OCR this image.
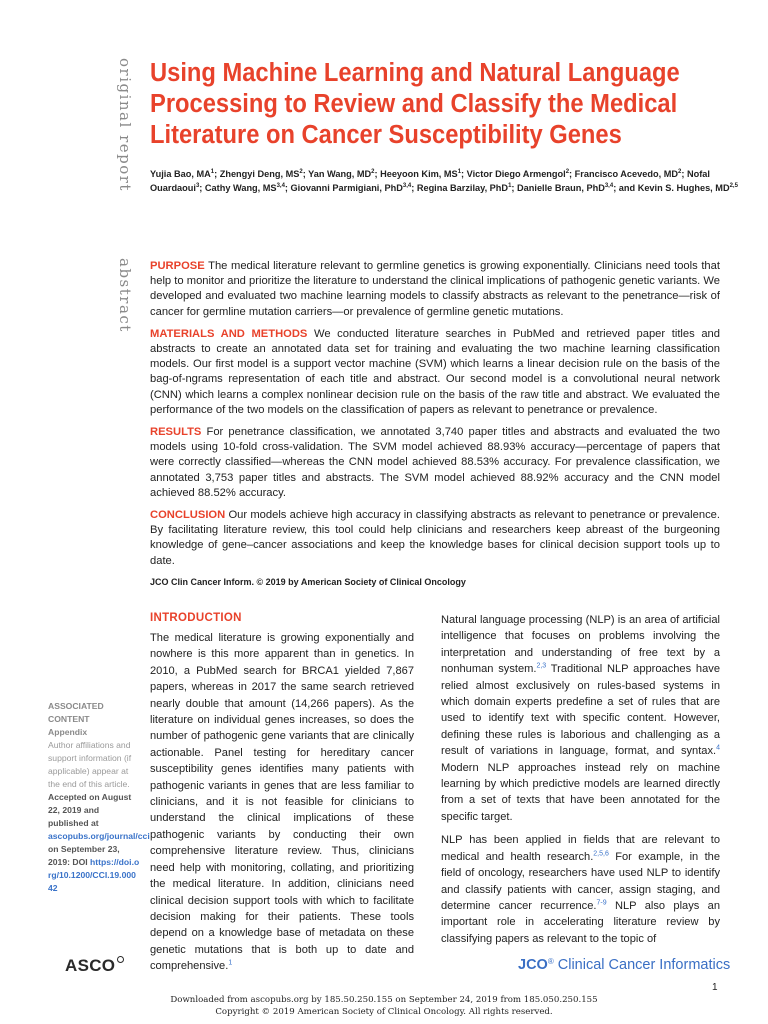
original report
abstract
Using Machine Learning and Natural Language Processing to Review and Classify the Medical Literature on Cancer Susceptibility Genes
Yujia Bao, $MA^1$; Zhengyi Deng, $MS^2$; Yan Wang, $MD^2$; Heeyoon Kim, $MS^1$; Victor Diego Armengol$^2$; Francisco Acevedo, $MD^2$; Nofal Ouardaoui$^3$; Cathy Wang, MS$^{3,4}$; Giovanni Parmigiani, PhD$^{3,4}$; Regina Barzilay, PhD$^1$; Danielle Braun, PhD$^{3,4}$; and Kevin S. Hughes, MD$^{2,5}$

PURPOSE The medical literature relevant to germline genetics is growing exponentially. Clinicians need tools that help to monitor and prioritize the literature to understand the clinical implications of pathogenic genetic variants. We developed and evaluated two machine learning models to classify abstracts as relevant to the penetrance—risk of cancer for germline mutation carriers—or prevalence of germline genetic mutations.

MATERIALS AND METHODS We conducted literature searches in PubMed and retrieved paper titles and abstracts to create an annotated data set for training and evaluating the two machine learning classification models. Our first model is a support vector machine (SVM) which learns a linear decision rule on the basis of the bag-of-ngrams representation of each title and abstract. Our second model is a convolutional neural network (CNN) which learns a complex nonlinear decision rule on the basis of the raw title and abstract. We evaluated the performance of the two models on the classification of papers as relevant to penetrance or prevalence.

RESULTS For penetrance classification, we annotated 3,740 paper titles and abstracts and evaluated the two models using 10-fold cross-validation. The SVM model achieved 88.93% accuracy—percentage of papers that were correctly classified—whereas the CNN model achieved 88.53% accuracy. For prevalence classification, we annotated 3,753 paper titles and abstracts. The SVM model achieved 88.92% accuracy and the CNN model achieved 88.52% accuracy.

CONCLUSION Our models achieve high accuracy in classifying abstracts as relevant to penetrance or prevalence. By facilitating literature review, this tool could help clinicians and researchers keep abreast of the burgeoning knowledge of gene–cancer associations and keep the knowledge bases for clinical decision support tools up to date.

JCO Clin Cancer Inform. © 2019 by American Society of Clinical Oncology
INTRODUCTION

The medical literature is growing exponentially and nowhere is this more apparent than in genetics. In 2010, a PubMed search for BRCA1 yielded 7,867 papers, whereas in 2017 the same search retrieved nearly double that amount (14,266 papers). As the literature on individual genes increases, so does the number of pathogenic gene variants that are clinically actionable. Panel testing for hereditary cancer susceptibility genes identifies many patients with pathogenic variants in genes that are less familiar to clinicians, and it is not feasible for clinicians to understand the clinical implications of these pathogenic variants by conducting their own comprehensive literature review. Thus, clinicians need help with monitoring, collating, and prioritizing the medical literature. In addition, clinicians need clinical decision support tools with which to facilitate decision making for their patients. These tools depend on a knowledge base of metadata on these genetic mutations that is both up to date and comprehensive.$^1$

Natural language processing (NLP) is an area of artificial intelligence that focuses on problems involving the interpretation and understanding of free text by a nonhuman system.$^{2,3}$ Traditional NLP approaches have relied almost exclusively on rules-based systems in which domain experts predefine a set of rules that are used to identify text with specific content. However, defining these rules is laborious and challenging as a result of variations in language, format, and syntax.$^4$ Modern NLP approaches instead rely on machine learning by which predictive models are learned directly from a set of texts that have been annotated for the specific target.

NLP has been applied in fields that are relevant to medical and health research.$^{2,5,6}$ For example, in the field of oncology, researchers have used NLP to identify and classify patients with cancer, assign staging, and determine cancer recurrence.$^{7-9}$ NLP also plays an important role in accelerating literature review by classifying papers as relevant to the topic of

ASSOCIATED
CONTENT
Appendix
Author affiliations and support information (if applicable) appear at the end of this article.
Accepted on August 22, 2019 and published at
ascopubs.org/journal/cci on September 23, 2019: DOI https://doi.org/10.1200/CCI.19.00042
ASCO	JCO® Clinical Cancer Informatics
1
Downloaded from ascopubs.org by 185.50.250.155 on September 24, 2019 from 185.050.250.155
Copyright © 2019 American Society of Clinical Oncology. All rights reserved.
